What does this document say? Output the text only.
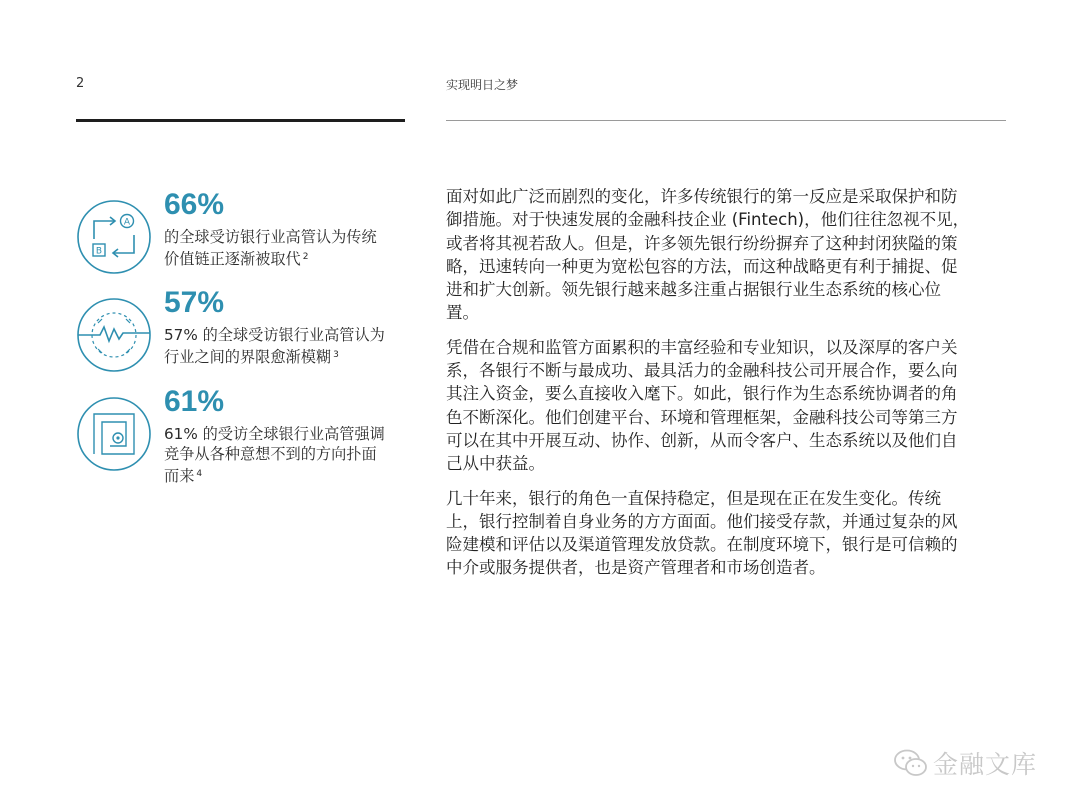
2	实现明日之梦
A
B
66%
的全球受访银行业高管认为传统
价值链正逐渐被取代 $^2$
57%
57% 的全球受访银行业高管认为
行业之间的界限愈渐模糊 $^3$
61%
61% 的受访全球银行业高管强调
竞争从各种意想不到的方向扑面
而来 $^4$

面对如此广泛而剧烈的变化，许多传统银行的第一反应是采取保护和防
御措施。对于快速发展的金融科技企业 (Fintech)，他们往往忽视不见，
或者将其视若敌人。但是，许多领先银行纷纷摒弃了这种封闭狭隘的策
略，迅速转向一种更为宽松包容的方法，而这种战略更有利于捕捉、促
进和扩大创新。领先银行越来越多注重占据银行业生态系统的核心位
置。

凭借在合规和监管方面累积的丰富经验和专业知识，以及深厚的客户关
系，各银行不断与最成功、最具活力的金融科技公司开展合作，要么向
其注入资金，要么直接收入麾下。如此，银行作为生态系统协调者的角
色不断深化。他们创建平台、环境和管理框架，金融科技公司等第三方
可以在其中开展互动、协作、创新，从而令客户、生态系统以及他们自
己从中获益。

几十年来，银行的角色一直保持稳定，但是现在正在发生变化。传统
上，银行控制着自身业务的方方面面。他们接受存款，并通过复杂的风
险建模和评估以及渠道管理发放贷款。在制度环境下，银行是可信赖的
中介或服务提供者，也是资产管理者和市场创造者。

金融文库
